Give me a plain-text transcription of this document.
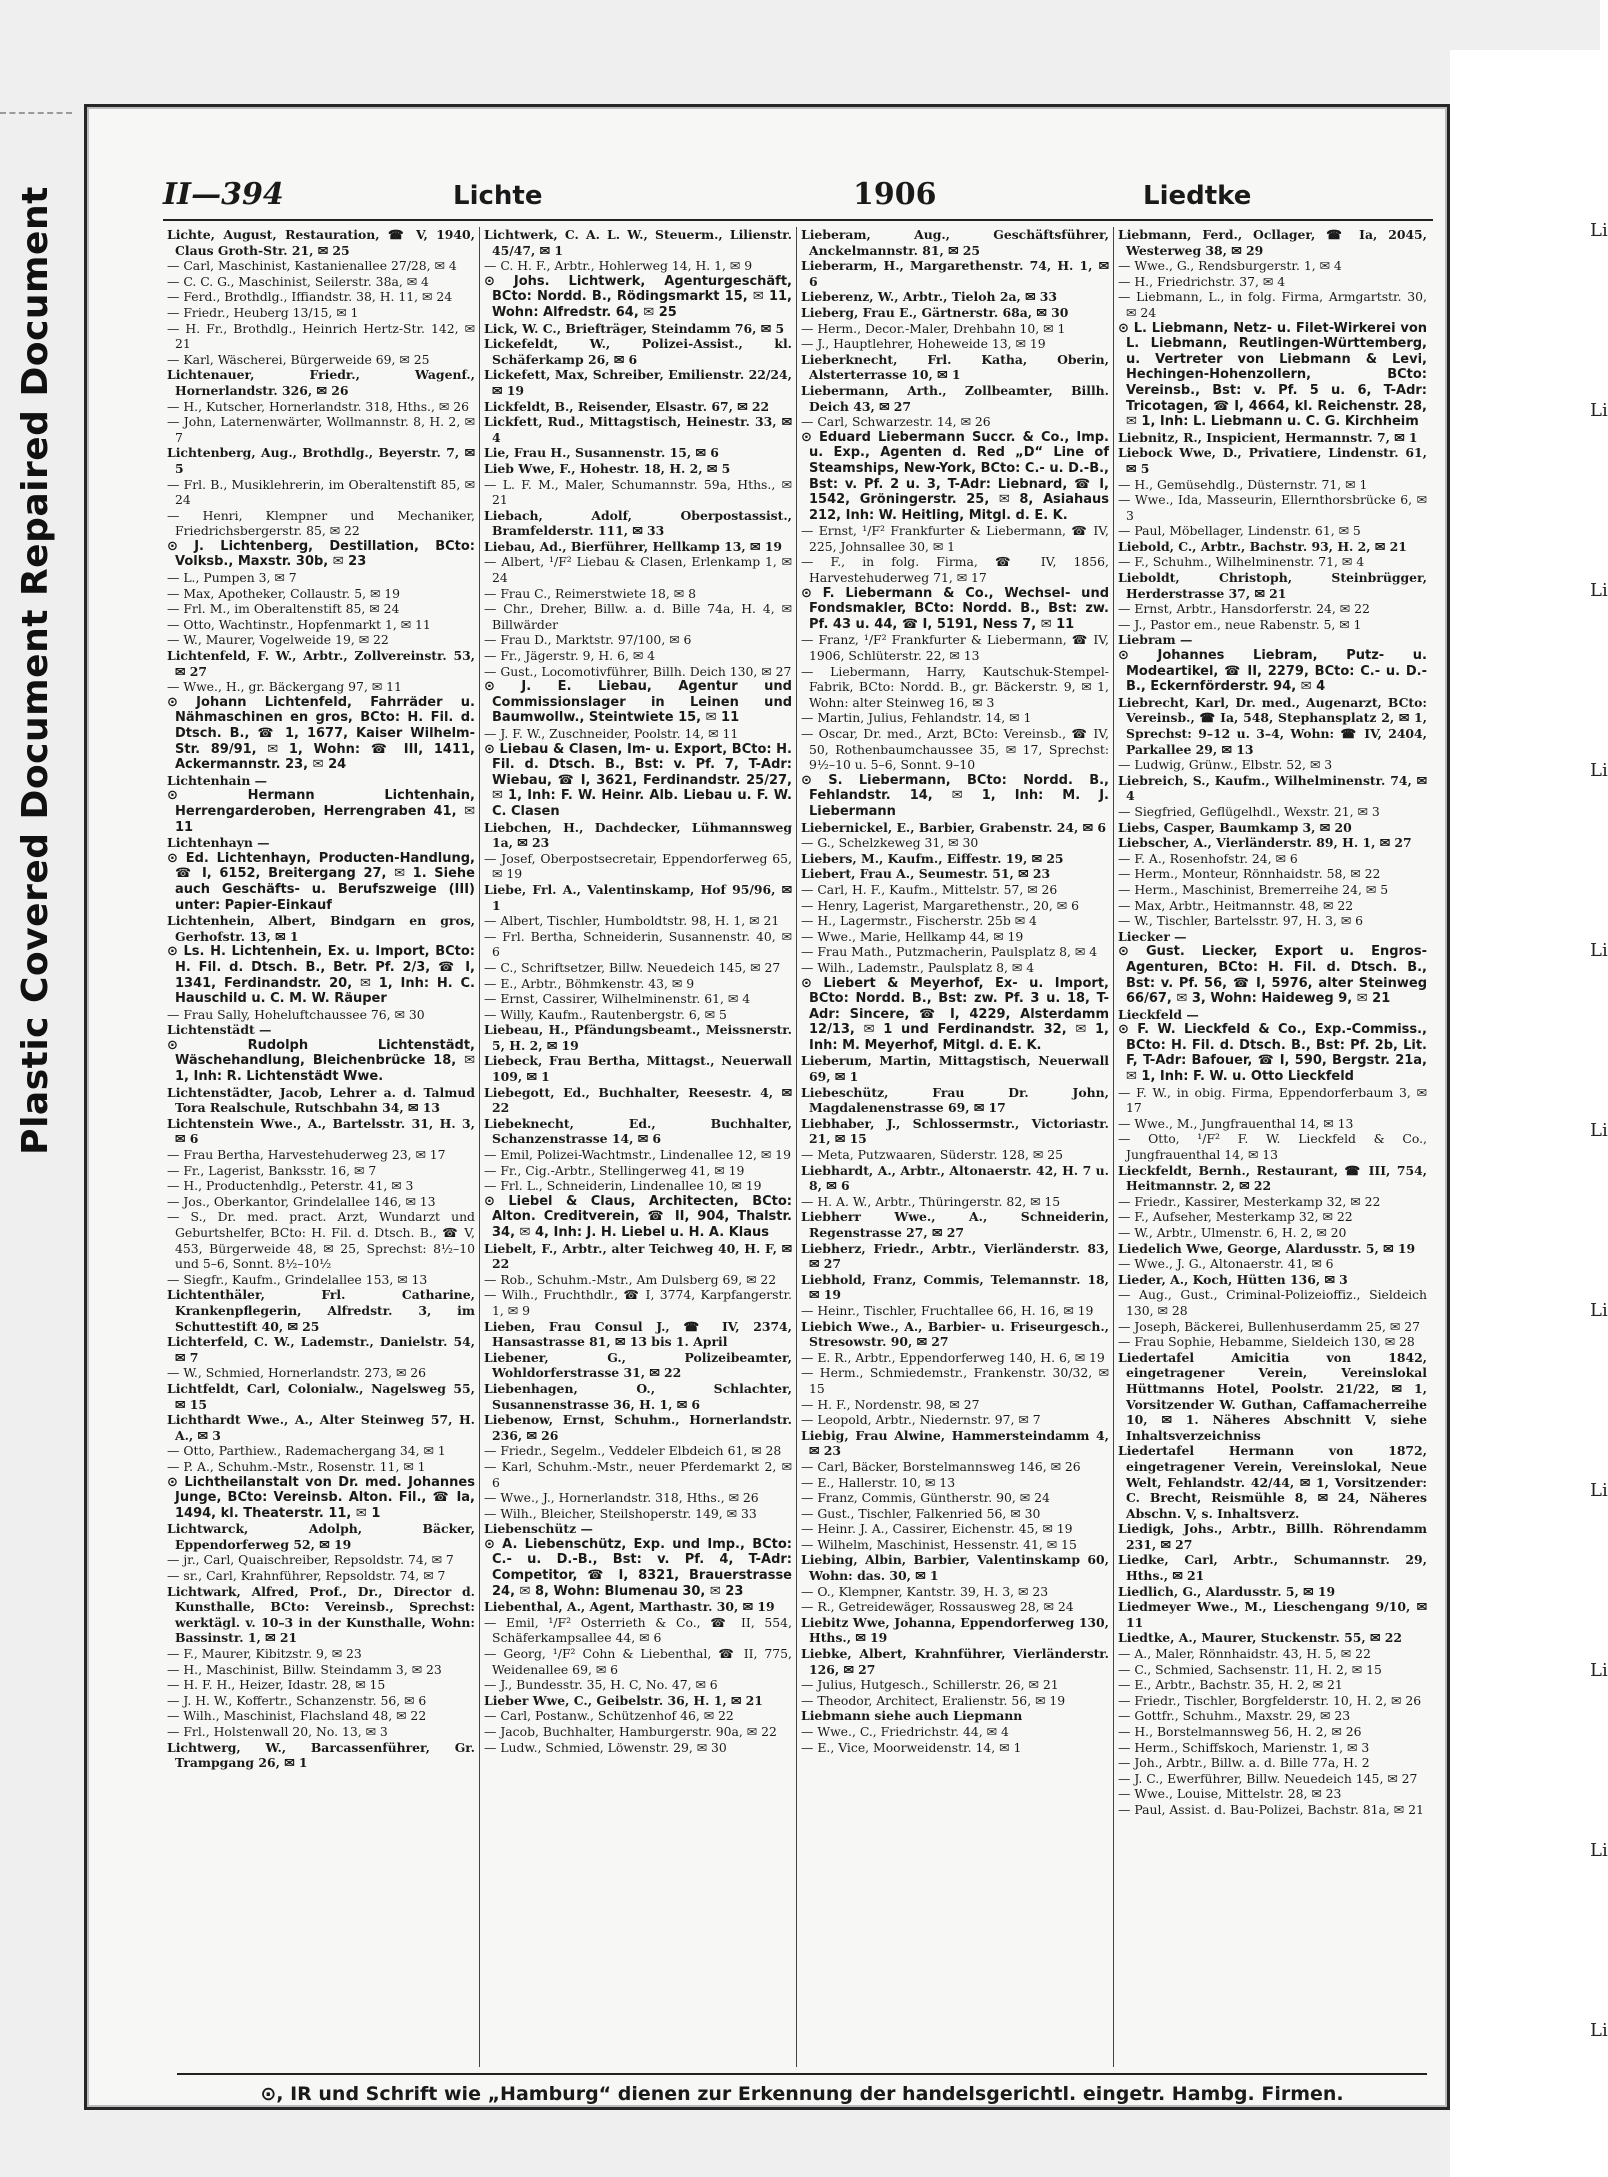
Plastic Covered Document Repaired Document	Li
Li
Li
Li
Li
Li
Li
Li
Li
Li
Li
II—394	Lichte	1906	Liedtke

Lichte, August, Restauration, ☎ V, 1940, Claus Groth-Str. 21, ✉ 25

— Carl, Maschinist, Kastanienallee 27/28, ✉ 4

— C. C. G., Maschinist, Seilerstr. 38a, ✉ 4

— Ferd., Brothdlg., Iffiandstr. 38, H. 11, ✉ 24

— Friedr., Heuberg 13/15, ✉ 1

— H. Fr., Brothdlg., Heinrich Hertz-Str. 142, ✉ 21

— Karl, Wäscherei, Bürgerweide 69, ✉ 25

Lichtenauer, Friedr., Wagenf., Hornerlandstr. 326, ✉ 26

— H., Kutscher, Hornerlandstr. 318, Hths., ✉ 26

— John, Laternenwärter, Wollmannstr. 8, H. 2, ✉ 7

Lichtenberg, Aug., Brothdlg., Beyerstr. 7, ✉ 5

— Frl. B., Musiklehrerin, im Oberaltenstift 85, ✉ 24

— Henri, Klempner und Mechaniker, Friedrichsbergerstr. 85, ✉ 22

⊙ J. Lichtenberg, Destillation, BCto: Volksb., Maxstr. 30b, ✉ 23

— L., Pumpen 3, ✉ 7

— Max, Apotheker, Collaustr. 5, ✉ 19

— Frl. M., im Oberaltenstift 85, ✉ 24

— Otto, Wachtinstr., Hopfenmarkt 1, ✉ 11

— W., Maurer, Vogelweide 19, ✉ 22

Lichtenfeld, F. W., Arbtr., Zollvereinstr. 53, ✉ 27

— Wwe., H., gr. Bäckergang 97, ✉ 11

⊙ Johann Lichtenfeld, Fahrräder u. Nähmaschinen en gros, BCto: H. Fil. d. Dtsch. B., ☎ 1, 1677, Kaiser Wilhelm-Str. 89/91, ✉ 1, Wohn: ☎ III, 1411, Ackermannstr. 23, ✉ 24

Lichtenhain —

⊙ Hermann Lichtenhain, Herrengarderoben, Herrengraben 41, ✉ 11

Lichtenhayn —

⊙ Ed. Lichtenhayn, Producten-Handlung, ☎ I, 6152, Breitergang 27, ✉ 1. Siehe auch Geschäfts- u. Berufszweige (III) unter: Papier-Einkauf

Lichtenhein, Albert, Bindgarn en gros, Gerhofstr. 13, ✉ 1

⊙ Ls. H. Lichtenhein, Ex. u. Import, BCto: H. Fil. d. Dtsch. B., Betr. Pf. 2/3, ☎ I, 1341, Ferdinandstr. 20, ✉ 1, Inh: H. C. Hauschild u. C. M. W. Räuper

— Frau Sally, Hoheluftchaussee 76, ✉ 30

Lichtenstädt —

⊙ Rudolph Lichtenstädt, Wäschehandlung, Bleichenbrücke 18, ✉ 1, Inh: R. Lichtenstädt Wwe.

Lichtenstädter, Jacob, Lehrer a. d. Talmud Tora Realschule, Rutschbahn 34, ✉ 13

Lichtenstein Wwe., A., Bartelsstr. 31, H. 3, ✉ 6

— Frau Bertha, Harvestehuderweg 23, ✉ 17

— Fr., Lagerist, Banksstr. 16, ✉ 7

— H., Productenhdlg., Peterstr. 41, ✉ 3

— Jos., Oberkantor, Grindelallee 146, ✉ 13

— S., Dr. med. pract. Arzt, Wundarzt und Geburtshelfer, BCto: H. Fil. d. Dtsch. B., ☎ V, 453, Bürgerweide 48, ✉ 25, Sprechst: 8½–10 und 5–6, Sonnt. 8½–10½

— Siegfr., Kaufm., Grindelallee 153, ✉ 13

Lichtenthäler, Frl. Catharine, Krankenpflegerin, Alfredstr. 3, im Schuttestift 40, ✉ 25

Lichterfeld, C. W., Lademstr., Danielstr. 54, ✉ 7

— W., Schmied, Hornerlandstr. 273, ✉ 26

Lichtfeldt, Carl, Colonialw., Nagelsweg 55, ✉ 15

Lichthardt Wwe., A., Alter Steinweg 57, H. A., ✉ 3

— Otto, Parthiew., Rademachergang 34, ✉ 1

— P. A., Schuhm.-Mstr., Rosenstr. 11, ✉ 1

⊙ Lichtheilanstalt von Dr. med. Johannes Junge, BCto: Vereinsb. Alton. Fil., ☎ Ia, 1494, kl. Theaterstr. 11, ✉ 1

Lichtwarck, Adolph, Bäcker, Eppendorferweg 52, ✉ 19

— jr., Carl, Quaischreiber, Repsoldstr. 74, ✉ 7

— sr., Carl, Krahnführer, Repsoldstr. 74, ✉ 7

Lichtwark, Alfred, Prof., Dr., Director d. Kunsthalle, BCto: Vereinsb., Sprechst: werktägl. v. 10–3 in der Kunsthalle, Wohn: Bassinstr. 1, ✉ 21

— F., Maurer, Kibitzstr. 9, ✉ 23

— H., Maschinist, Billw. Steindamm 3, ✉ 23

— H. F. H., Heizer, Idastr. 28, ✉ 15

— J. H. W., Koffertr., Schanzenstr. 56, ✉ 6

— Wilh., Maschinist, Flachsland 48, ✉ 22

— Frl., Holstenwall 20, No. 13, ✉ 3

Lichtwerg, W., Barcassenführer, Gr. Trampgang 26, ✉ 1

Lichtwerk, C. A. L. W., Steuerm., Lilienstr. 45/47, ✉ 1

— C. H. F., Arbtr., Hohlerweg 14, H. 1, ✉ 9

⊙ Johs. Lichtwerk, Agenturgeschäft, BCto: Nordd. B., Rödingsmarkt 15, ✉ 11, Wohn: Alfredstr. 64, ✉ 25

Lick, W. C., Briefträger, Steindamm 76, ✉ 5

Lickefeldt, W., Polizei-Assist., kl. Schäferkamp 26, ✉ 6

Lickefett, Max, Schreiber, Emilienstr. 22/24, ✉ 19

Lickfeldt, B., Reisender, Elsastr. 67, ✉ 22

Lickfett, Rud., Mittagstisch, Heinestr. 33, ✉ 4

Lie, Frau H., Susannenstr. 15, ✉ 6

Lieb Wwe, F., Hohestr. 18, H. 2, ✉ 5

— L. F. M., Maler, Schumannstr. 59a, Hths., ✉ 21

Liebach, Adolf, Oberpostassist., Bramfelderstr. 111, ✉ 33

Liebau, Ad., Bierführer, Hellkamp 13, ✉ 19

— Albert, ¹/F² Liebau & Clasen, Erlenkamp 1, ✉ 24

— Frau C., Reimerstwiete 18, ✉ 8

— Chr., Dreher, Billw. a. d. Bille 74a, H. 4, ✉ Billwärder

— Frau D., Marktstr. 97/100, ✉ 6

— Fr., Jägerstr. 9, H. 6, ✉ 4

— Gust., Locomotivführer, Billh. Deich 130, ✉ 27

⊙ J. E. Liebau, Agentur und Commissionslager in Leinen und Baumwollw., Steintwiete 15, ✉ 11

— J. F. W., Zuschneider, Poolstr. 14, ✉ 11

⊙ Liebau & Clasen, Im- u. Export, BCto: H. Fil. d. Dtsch. B., Bst: v. Pf. 7, T-Adr: Wiebau, ☎ I, 3621, Ferdinandstr. 25/27, ✉ 1, Inh: F. W. Heinr. Alb. Liebau u. F. W. C. Clasen

Liebchen, H., Dachdecker, Lühmannsweg 1a, ✉ 23

— Josef, Oberpostsecretair, Eppendorferweg 65, ✉ 19

Liebe, Frl. A., Valentinskamp, Hof 95/96, ✉ 1

— Albert, Tischler, Humboldtstr. 98, H. 1, ✉ 21

— Frl. Bertha, Schneiderin, Susannenstr. 40, ✉ 6

— C., Schriftsetzer, Billw. Neuedeich 145, ✉ 27

— E., Arbtr., Böhmkenstr. 43, ✉ 9

— Ernst, Cassirer, Wilhelminenstr. 61, ✉ 4

— Willy, Kaufm., Rautenbergstr. 6, ✉ 5

Liebeau, H., Pfändungsbeamt., Meissnerstr. 5, H. 2, ✉ 19

Liebeck, Frau Bertha, Mittagst., Neuerwall 109, ✉ 1

Liebegott, Ed., Buchhalter, Reesestr. 4, ✉ 22

Liebeknecht, Ed., Buchhalter, Schanzenstrasse 14, ✉ 6

— Emil, Polizei-Wachtmstr., Lindenallee 12, ✉ 19

— Fr., Cig.-Arbtr., Stellingerweg 41, ✉ 19

— Frl. L., Schneiderin, Lindenallee 10, ✉ 19

⊙ Liebel & Claus, Architecten, BCto: Alton. Creditverein, ☎ II, 904, Thalstr. 34, ✉ 4, Inh: J. H. Liebel u. H. A. Klaus

Liebelt, F., Arbtr., alter Teichweg 40, H. F, ✉ 22

— Rob., Schuhm.-Mstr., Am Dulsberg 69, ✉ 22

— Wilh., Fruchthdlr., ☎ I, 3774, Karpfangerstr. 1, ✉ 9

Lieben, Frau Consul J., ☎ IV, 2374, Hansastrasse 81, ✉ 13 bis 1. April

Liebener, G., Polizeibeamter, Wohldorferstrasse 31, ✉ 22

Liebenhagen, O., Schlachter, Susannenstrasse 36, H. 1, ✉ 6

Liebenow, Ernst, Schuhm., Hornerlandstr. 236, ✉ 26

— Friedr., Segelm., Veddeler Elbdeich 61, ✉ 28

— Karl, Schuhm.-Mstr., neuer Pferdemarkt 2, ✉ 6

— Wwe., J., Hornerlandstr. 318, Hths., ✉ 26

— Wilh., Bleicher, Steilshoperstr. 149, ✉ 33

Liebenschütz —

⊙ A. Liebenschütz, Exp. und Imp., BCto: C.- u. D.-B., Bst: v. Pf. 4, T-Adr: Competitor, ☎ I, 8321, Brauerstrasse 24, ✉ 8, Wohn: Blumenau 30, ✉ 23

Liebenthal, A., Agent, Marthastr. 30, ✉ 19

— Emil, ¹/F² Osterrieth & Co., ☎ II, 554, Schäferkampsallee 44, ✉ 6

— Georg, ¹/F² Cohn & Liebenthal, ☎ II, 775, Weidenallee 69, ✉ 6

— J., Bundesstr. 35, H. C, No. 47, ✉ 6

Lieber Wwe, C., Geibelstr. 36, H. 1, ✉ 21

— Carl, Postanw., Schützenhof 46, ✉ 22

— Jacob, Buchhalter, Hamburgerstr. 90a, ✉ 22

— Ludw., Schmied, Löwenstr. 29, ✉ 30

Lieberam, Aug., Geschäftsführer, Anckelmannstr. 81, ✉ 25

Lieberarm, H., Margarethenstr. 74, H. 1, ✉ 6

Lieberenz, W., Arbtr., Tieloh 2a, ✉ 33

Lieberg, Frau E., Gärtnerstr. 68a, ✉ 30

— Herm., Decor.-Maler, Drehbahn 10, ✉ 1

— J., Hauptlehrer, Hoheweide 13, ✉ 19

Lieberknecht, Frl. Katha, Oberin, Alsterterrasse 10, ✉ 1

Liebermann, Arth., Zollbeamter, Billh. Deich 43, ✉ 27

— Carl, Schwarzestr. 14, ✉ 26

⊙ Eduard Liebermann Succr. & Co., Imp. u. Exp., Agenten d. Red „D“ Line of Steamships, New-York, BCto: C.- u. D.-B., Bst: v. Pf. 2 u. 3, T-Adr: Liebnard, ☎ I, 1542, Gröningerstr. 25, ✉ 8, Asiahaus 212, Inh: W. Heitling, Mitgl. d. E. K.

— Ernst, ¹/F² Frankfurter & Liebermann, ☎ IV, 225, Johnsallee 30, ✉ 1

— F., in folg. Firma, ☎ IV, 1856, Harvestehuderweg 71, ✉ 17

⊙ F. Liebermann & Co., Wechsel- und Fondsmakler, BCto: Nordd. B., Bst: zw. Pf. 43 u. 44, ☎ I, 5191, Ness 7, ✉ 11

— Franz, ¹/F² Frankfurter & Liebermann, ☎ IV, 1906, Schlüterstr. 22, ✉ 13

— Liebermann, Harry, Kautschuk-Stempel-Fabrik, BCto: Nordd. B., gr. Bäckerstr. 9, ✉ 1, Wohn: alter Steinweg 16, ✉ 3

— Martin, Julius, Fehlandstr. 14, ✉ 1

— Oscar, Dr. med., Arzt, BCto: Vereinsb., ☎ IV, 50, Rothenbaumchaussee 35, ✉ 17, Sprechst: 9½–10 u. 5–6, Sonnt. 9–10

⊙ S. Liebermann, BCto: Nordd. B., Fehlandstr. 14, ✉ 1, Inh: M. J. Liebermann

Liebernickel, E., Barbier, Grabenstr. 24, ✉ 6

— G., Schelzkeweg 31, ✉ 30

Liebers, M., Kaufm., Eiffestr. 19, ✉ 25

Liebert, Frau A., Seumestr. 51, ✉ 23

— Carl, H. F., Kaufm., Mittelstr. 57, ✉ 26

— Henry, Lagerist, Margarethenstr., 20, ✉ 6

— H., Lagermstr., Fischerstr. 25b ✉ 4

— Wwe., Marie, Hellkamp 44, ✉ 19

— Frau Math., Putzmacherin, Paulsplatz 8, ✉ 4

— Wilh., Lademstr., Paulsplatz 8, ✉ 4

⊙ Liebert & Meyerhof, Ex- u. Import, BCto: Nordd. B., Bst: zw. Pf. 3 u. 18, T-Adr: Sincere, ☎ I, 4229, Alsterdamm 12/13, ✉ 1 und Ferdinandstr. 32, ✉ 1, Inh: M. Meyerhof, Mitgl. d. E. K.

Lieberum, Martin, Mittagstisch, Neuerwall 69, ✉ 1

Liebeschütz, Frau Dr. John, Magdalenenstrasse 69, ✉ 17

Liebhaber, J., Schlossermstr., Victoriastr. 21, ✉ 15

— Meta, Putzwaaren, Süderstr. 128, ✉ 25

Liebhardt, A., Arbtr., Altonaerstr. 42, H. 7 u. 8, ✉ 6

— H. A. W., Arbtr., Thüringerstr. 82, ✉ 15

Liebherr Wwe., A., Schneiderin, Regenstrasse 27, ✉ 27

Liebherz, Friedr., Arbtr., Vierländerstr. 83, ✉ 27

Liebhold, Franz, Commis, Telemannstr. 18, ✉ 19

— Heinr., Tischler, Fruchtallee 66, H. 16, ✉ 19

Liebich Wwe., A., Barbier- u. Friseurgesch., Stresowstr. 90, ✉ 27

— E. R., Arbtr., Eppendorferweg 140, H. 6, ✉ 19

— Herm., Schmiedemstr., Frankenstr. 30/32, ✉ 15

— H. F., Nordenstr. 98, ✉ 27

— Leopold, Arbtr., Niedernstr. 97, ✉ 7

Liebig, Frau Alwine, Hammersteindamm 4, ✉ 23

— Carl, Bäcker, Borstelmannsweg 146, ✉ 26

— E., Hallerstr. 10, ✉ 13

— Franz, Commis, Güntherstr. 90, ✉ 24

— Gust., Tischler, Falkenried 56, ✉ 30

— Heinr. J. A., Cassirer, Eichenstr. 45, ✉ 19

— Wilhelm, Maschinist, Hessenstr. 41, ✉ 15

Liebing, Albin, Barbier, Valentinskamp 60, Wohn: das. 30, ✉ 1

— O., Klempner, Kantstr. 39, H. 3, ✉ 23

— R., Getreidewäger, Rossausweg 28, ✉ 24

Liebitz Wwe, Johanna, Eppendorferweg 130, Hths., ✉ 19

Liebke, Albert, Krahnführer, Vierländerstr. 126, ✉ 27

— Julius, Hutgesch., Schillerstr. 26, ✉ 21

— Theodor, Architect, Eralienstr. 56, ✉ 19

Liebmann siehe auch Liepmann

— Wwe., C., Friedrichstr. 44, ✉ 4

— E., Vice, Moorweidenstr. 14, ✉ 1

Liebmann, Ferd., Ocllager, ☎ Ia, 2045, Westerweg 38, ✉ 29

— Wwe., G., Rendsburgerstr. 1, ✉ 4

— H., Friedrichstr. 37, ✉ 4

— Liebmann, L., in folg. Firma, Armgartstr. 30, ✉ 24

⊙ L. Liebmann, Netz- u. Filet-Wirkerei von L. Liebmann, Reutlingen-Württemberg, u. Vertreter von Liebmann & Levi, Hechingen-Hohenzollern, BCto: Vereinsb., Bst: v. Pf. 5 u. 6, T-Adr: Tricotagen, ☎ I, 4664, kl. Reichenstr. 28, ✉ 1, Inh: L. Liebmann u. C. G. Kirchheim

Liebnitz, R., Inspicient, Hermannstr. 7, ✉ 1

Liebock Wwe, D., Privatiere, Lindenstr. 61, ✉ 5

— H., Gemüsehdlg., Düsternstr. 71, ✉ 1

— Wwe., Ida, Masseurin, Ellernthorsbrücke 6, ✉ 3

— Paul, Möbellager, Lindenstr. 61, ✉ 5

Liebold, C., Arbtr., Bachstr. 93, H. 2, ✉ 21

— F., Schuhm., Wilhelminenstr. 71, ✉ 4

Lieboldt, Christoph, Steinbrügger, Herderstrasse 37, ✉ 21

— Ernst, Arbtr., Hansdorferstr. 24, ✉ 22

— J., Pastor em., neue Rabenstr. 5, ✉ 1

Liebram —

⊙ Johannes Liebram, Putz- u. Modeartikel, ☎ II, 2279, BCto: C.- u. D.-B., Eckernförderstr. 94, ✉ 4

Liebrecht, Karl, Dr. med., Augenarzt, BCto: Vereinsb., ☎ Ia, 548, Stephansplatz 2, ✉ 1, Sprechst: 9–12 u. 3–4, Wohn: ☎ IV, 2404, Parkallee 29, ✉ 13

— Ludwig, Grünw., Elbstr. 52, ✉ 3

Liebreich, S., Kaufm., Wilhelminenstr. 74, ✉ 4

— Siegfried, Geflügelhdl., Wexstr. 21, ✉ 3

Liebs, Casper, Baumkamp 3, ✉ 20

Liebscher, A., Vierländerstr. 89, H. 1, ✉ 27

— F. A., Rosenhofstr. 24, ✉ 6

— Herm., Monteur, Rönnhaidstr. 58, ✉ 22

— Herm., Maschinist, Bremerreihe 24, ✉ 5

— Max, Arbtr., Heitmannstr. 48, ✉ 22

— W., Tischler, Bartelsstr. 97, H. 3, ✉ 6

Liecker —

⊙ Gust. Liecker, Export u. Engros-Agenturen, BCto: H. Fil. d. Dtsch. B., Bst: v. Pf. 56, ☎ I, 5976, alter Steinweg 66/67, ✉ 3, Wohn: Haideweg 9, ✉ 21

Lieckfeld —

⊙ F. W. Lieckfeld & Co., Exp.-Commiss., BCto: H. Fil. d. Dtsch. B., Bst: Pf. 2b, Lit. F, T-Adr: Bafouer, ☎ I, 590, Bergstr. 21a, ✉ 1, Inh: F. W. u. Otto Lieckfeld

— F. W., in obig. Firma, Eppendorferbaum 3, ✉ 17

— Wwe., M., Jungfrauenthal 14, ✉ 13

— Otto, ¹/F² F. W. Lieckfeld & Co., Jungfrauenthal 14, ✉ 13

Lieckfeldt, Bernh., Restaurant, ☎ III, 754, Heitmannstr. 2, ✉ 22

— Friedr., Kassirer, Mesterkamp 32, ✉ 22

— F., Aufseher, Mesterkamp 32, ✉ 22

— W., Arbtr., Ulmenstr. 6, H. 2, ✉ 20

Liedelich Wwe, George, Alardusstr. 5, ✉ 19

— Wwe., J. G., Altonaerstr. 41, ✉ 6

Lieder, A., Koch, Hütten 136, ✉ 3

— Aug., Gust., Criminal-Polizeioffiz., Sieldeich 130, ✉ 28

— Joseph, Bäckerei, Bullenhuserdamm 25, ✉ 27

— Frau Sophie, Hebamme, Sieldeich 130, ✉ 28

Liedertafel Amicitia von 1842, eingetragener Verein, Vereinslokal Hüttmanns Hotel, Poolstr. 21/22, ✉ 1, Vorsitzender W. Guthan, Caffamacherreihe 10, ✉ 1. Näheres Abschnitt V, siehe Inhaltsverzeichniss

Liedertafel Hermann von 1872, eingetragener Verein, Vereinslokal, Neue Welt, Fehlandstr. 42/44, ✉ 1, Vorsitzender: C. Brecht, Reismühle 8, ✉ 24, Näheres Abschn. V, s. Inhaltsverz.

Liedigk, Johs., Arbtr., Billh. Röhrendamm 231, ✉ 27

Liedke, Carl, Arbtr., Schumannstr. 29, Hths., ✉ 21

Liedlich, G., Alardusstr. 5, ✉ 19

Liedmeyer Wwe., M., Lieschengang 9/10, ✉ 11

Liedtke, A., Maurer, Stuckenstr. 55, ✉ 22

— A., Maler, Rönnhaidstr. 43, H. 5, ✉ 22

— C., Schmied, Sachsenstr. 11, H. 2, ✉ 15

— E., Arbtr., Bachstr. 35, H. 2, ✉ 21

— Friedr., Tischler, Borgfelderstr. 10, H. 2, ✉ 26

— Gottfr., Schuhm., Maxstr. 29, ✉ 23

— H., Borstelmannsweg 56, H. 2, ✉ 26

— Herm., Schiffskoch, Marienstr. 1, ✉ 3

— Joh., Arbtr., Billw. a. d. Bille 77a, H. 2

— J. C., Ewerführer, Billw. Neuedeich 145, ✉ 27

— Wwe., Louise, Mittelstr. 28, ✉ 23

— Paul, Assist. d. Bau-Polizei, Bachstr. 81a, ✉ 21

⊙, IR und Schrift wie „Hamburg“ dienen zur Erkennung der handelsgerichtl. eingetr. Hambg. Firmen.
